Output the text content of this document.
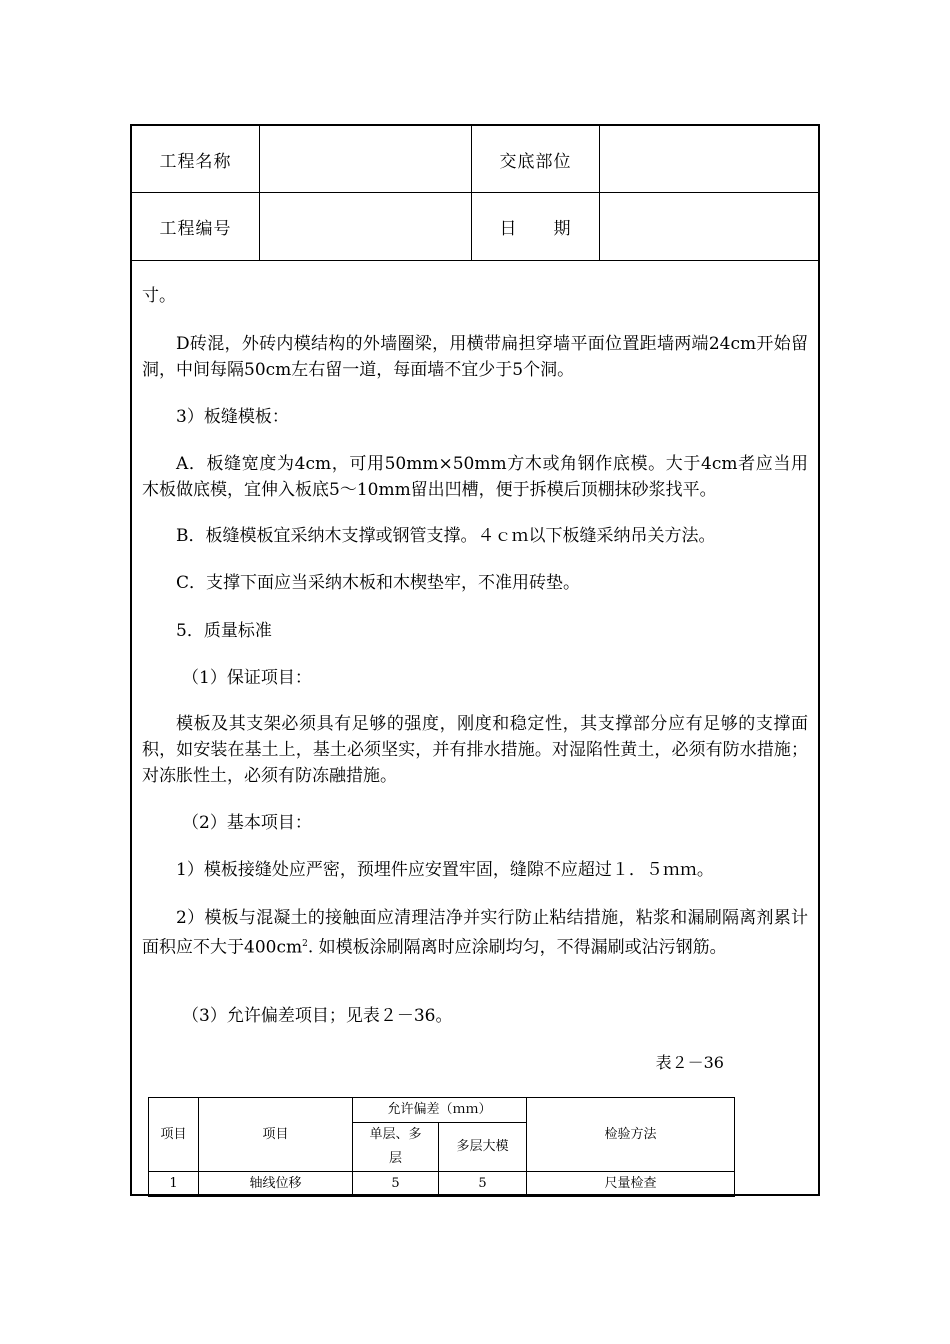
工程名称	交底部位
工程编号	日　　期
寸。
D砖混，外砖内模结构的外墙圈梁，用横带扁担穿墙平面位置距墙两端24cm开始留洞，中间每隔50cm左右留一道，每面墙不宜少于5个洞。
3）板缝模板：
A．板缝宽度为4cm，可用50mm×50mm方木或角钢作底模。大于4cm者应当用木板做底模，宜伸入板底5～10mm留出凹槽，便于拆模后顶棚抹砂浆找平。
B．板缝模板宜采纳木支撑或钢管支撑。４ｃｍ以下板缝采纳吊关方法。
C．支撑下面应当采纳木板和木楔垫牢，不准用砖垫。
5．质量标准
（1）保证项目：
模板及其支架必须具有足够的强度，刚度和稳定性，其支撑部分应有足够的支撑面积，如安装在基土上，基土必须坚实，并有排水措施。对湿陷性黄土，必须有防水措施；对冻胀性土，必须有防冻融措施。
（2）基本项目：
1）模板接缝处应严密，预埋件应安置牢固，缝隙不应超过１．５ｍｍ。
2）模板与混凝土的接触面应清理洁净并实行防止粘结措施，粘浆和漏刷隔离剂累计面积应不大于$400cm^2$. 如模板涂刷隔离时应涂刷均匀，不得漏刷或沾污钢筋。
（3）允许偏差项目；见表２－36。
表２－36
项目	项目	允许偏差（ｍｍ）		检验方法
		单层、多层	多层大模	
1	轴线位移	5	5	尺量检查
